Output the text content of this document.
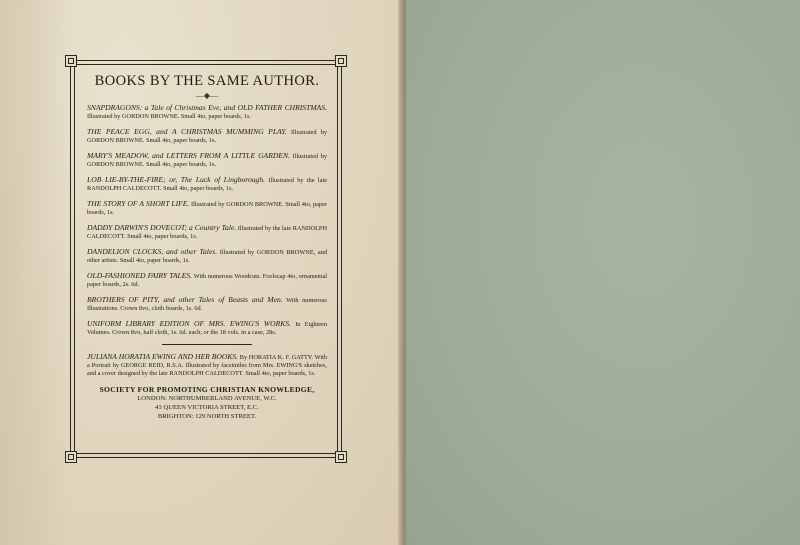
BOOKS BY THE SAME AUTHOR.
—◆—
SNAPDRAGONS: a Tale of Christmas Eve, and OLD FATHER CHRISTMAS. Illustrated by GORDON BROWNE. Small 4to, paper boards, 1s.
THE PEACE EGG, and A CHRISTMAS MUMMING PLAY. Illustrated by GORDON BROWNE. Small 4to, paper boards, 1s.
MARY'S MEADOW, and LETTERS FROM A LITTLE GARDEN. Illustrated by GORDON BROWNE. Small 4to, paper boards, 1s.
LOB LIE-BY-THE-FIRE; or, The Luck of Lingborough. Illustrated by the late RANDOLPH CALDECOTT. Small 4to, paper boards, 1s.
THE STORY OF A SHORT LIFE. Illustrated by GORDON BROWNE. Small 4to, paper boards, 1s.
DADDY DARWIN'S DOVECOT; a Country Tale. Illustrated by the late RANDOLPH CALDECOTT. Small 4to, paper boards, 1s.
DANDELION CLOCKS, and other Tales. Illustrated by GORDON BROWNE, and other artists. Small 4to, paper boards, 1s.
OLD-FASHIONED FAIRY TALES. With numerous Woodcuts. Foolscap 4to, ornamental paper boards, 2s. 6d.
BROTHERS OF PITY, and other Tales of Beasts and Men. With numerous Illustrations. Crown 8vo, cloth boards, 1s. 6d.
UNIFORM LIBRARY EDITION OF MRS. EWING'S WORKS. In Eighteen Volumes. Crown 8vo, half cloth, 1s. 6d. each; or the 18 vols. in a case, 28s.
JULIANA HORATIA EWING AND HER BOOKS. By HORATIA K. F. GATTY. With a Portrait by GEORGE REID, R.S.A. Illustrated by facsimiles from Mrs. EWING'S sketches, and a cover designed by the late RANDOLPH CALDECOTT. Small 4to, paper boards, 1s.
SOCIETY FOR PROMOTING CHRISTIAN KNOWLEDGE,
LONDON: NORTHUMBERLAND AVENUE, W.C.
43 QUEEN VICTORIA STREET, E.C.
BRIGHTON: 129 NORTH STREET.
